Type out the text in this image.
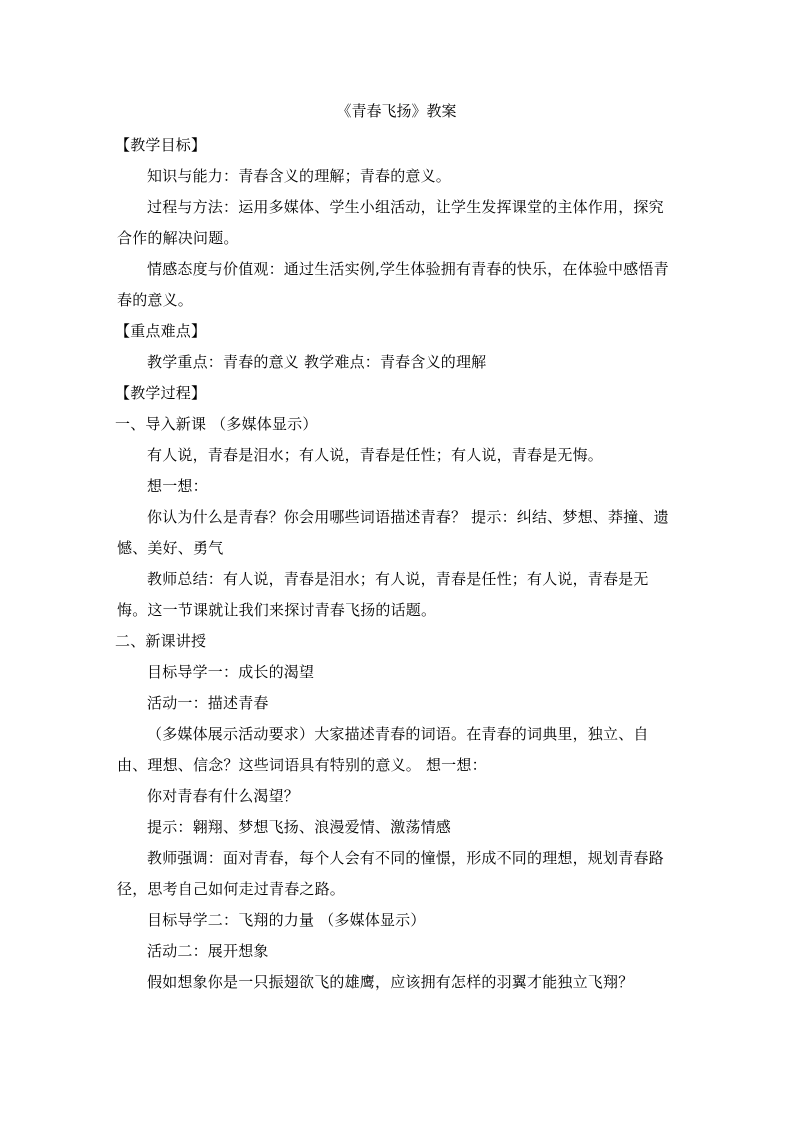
《青春飞扬》教案

【教学目标】

知识与能力：青春含义的理解；青春的意义。

过程与方法：运用多媒体、学生小组活动，让学生发挥课堂的主体作用，探究合作的解决问题。

情感态度与价值观：通过生活实例,学生体验拥有青春的快乐，在体验中感悟青春的意义。

【重点难点】

教学重点：青春的意义 教学难点：青春含义的理解

【教学过程】

一、导入新课 （多媒体显示）

有人说，青春是泪水；有人说，青春是任性；有人说，青春是无悔。

想一想：

你认为什么是青春？你会用哪些词语描述青春？ 提示：纠结、梦想、莽撞、遗憾、美好、勇气

教师总结：有人说，青春是泪水；有人说，青春是任性；有人说，青春是无悔。这一节课就让我们来探讨青春飞扬的话题。

二、新课讲授

目标导学一：成长的渴望

活动一：描述青春

（多媒体展示活动要求）大家描述青春的词语。在青春的词典里，独立、自由、理想、信念？这些词语具有特别的意义。 想一想：

你对青春有什么渴望？

提示：翱翔、梦想飞扬、浪漫爱情、激荡情感

教师强调：面对青春，每个人会有不同的憧憬，形成不同的理想，规划青春路径，思考自己如何走过青春之路。

目标导学二：飞翔的力量 （多媒体显示）

活动二：展开想象

假如想象你是一只振翅欲飞的雄鹰，应该拥有怎样的羽翼才能独立飞翔？
